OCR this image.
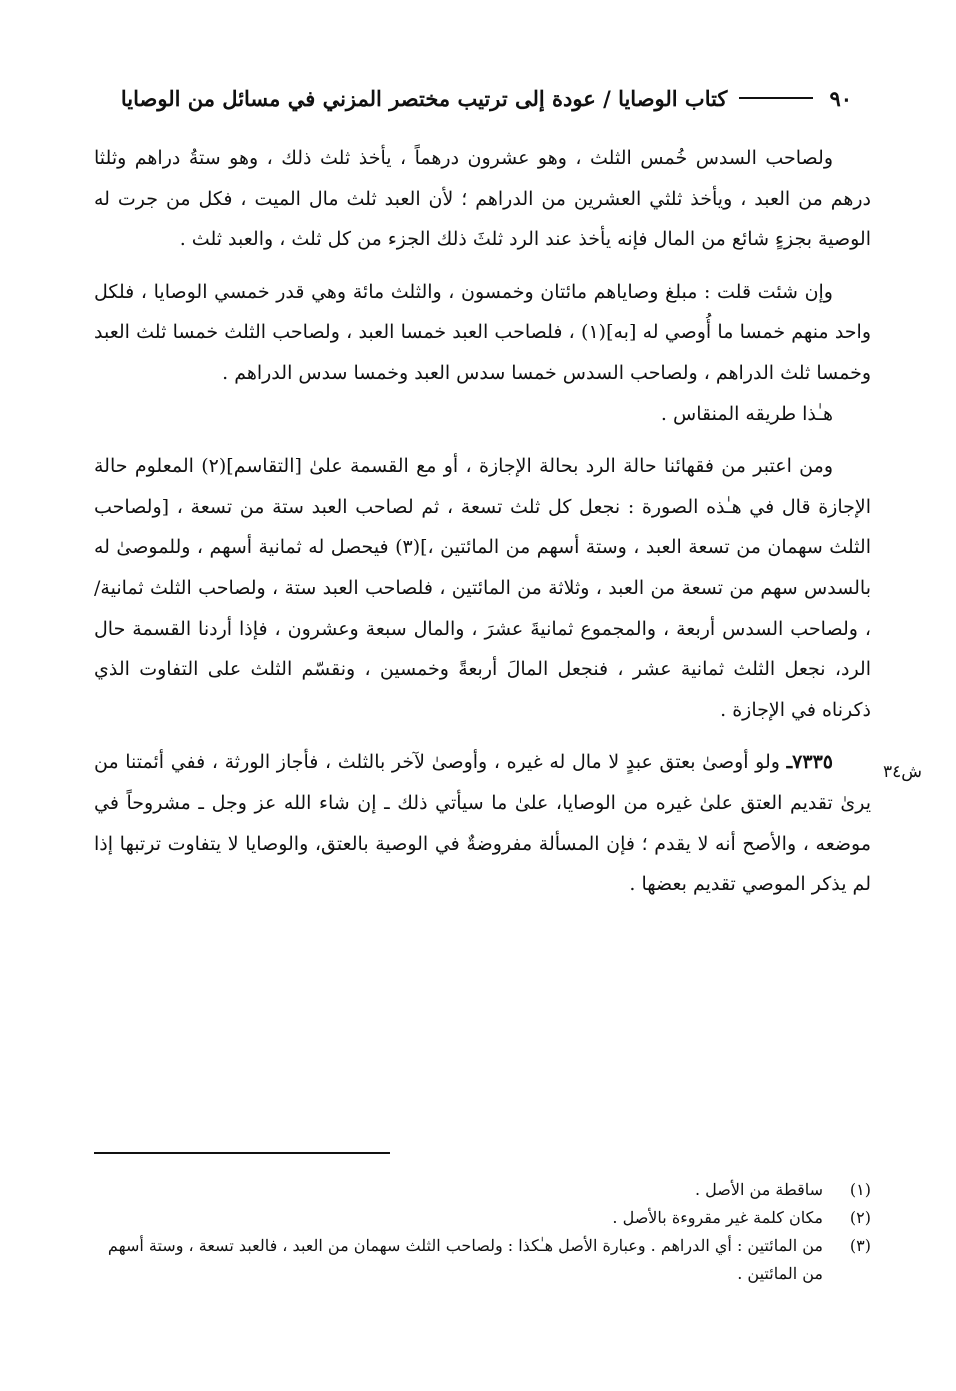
٩٠
كتاب الوصايا / عودة إلى ترتيب مختصر المزني في مسائل من الوصايا

ولصاحب السدس خُمس الثلث ، وهو عشرون درهماً ، يأخذ ثلث ذلك ، وهو ستةُ دراهم وثلثا درهم من العبد ، ويأخذ ثلثي العشرين من الدراهم ؛ لأن العبد ثلث مال الميت ، فكل من جرت له الوصية بجزءٍ شائع من المال فإنه يأخذ عند الرد ثلثَ ذلك الجزء من كل ثلث ، والعبد ثلث .

وإن شئت قلت : مبلغ وصاياهم مائتان وخمسون ، والثلث مائة وهي قدر خمسي الوصايا ، فلكل واحد منهم خمسا ما أُوصي له [به](١) ، فلصاحب العبد خمسا العبد ، ولصاحب الثلث خمسا ثلث العبد وخمسا ثلث الدراهم ، ولصاحب السدس خمسا سدس العبد وخمسا سدس الدراهم .

هـٰذا طريقه المنقاس .

ومن اعتبر من فقهائنا حالة الرد بحالة الإجازة ، أو مع القسمة علىٰ [التقاسم](٢) المعلوم حالة الإجازة قال في هـٰذه الصورة : نجعل كل ثلث تسعة ، ثم لصاحب العبد ستة من تسعة ، [ولصاحب الثلث سهمان من تسعة العبد ، وستة أسهم من المائتين ،](٣) فيحصل له ثمانية أسهم ، وللموصىٰ له بالسدس سهم من تسعة من العبد ، وثلاثة من المائتين ، فلصاحب العبد ستة ، ولصاحب الثلث ثمانية/ ، ولصاحب السدس أربعة ، والمجموع ثمانيةَ عشرَ ، والمال سبعة وعشرون ، فإذا أردنا القسمة حال الرد، نجعل الثلث ثمانية عشر ، فنجعل المالَ أربعةً وخمسين ، ونقسّم الثلث على التفاوت الذي ذكرناه في الإجازة .

٧٣٣٥ـ ولو أوصىٰ بعتق عبدٍ لا مال له غيره ، وأوصىٰ لآخر بالثلث ، فأجاز الورثة ، ففي أئمتنا من يرىٰ تقديم العتق علىٰ غيره من الوصايا، علىٰ ما سيأتي ذلك ـ إن شاء الله عز وجل ـ مشروحاً في موضعه ، والأصح أنه لا يقدم ؛ فإن المسألة مفروضةٌ في الوصية بالعتق، والوصايا لا يتفاوت ترتبها إذا لم يذكر الموصي تقديم بعضها .

ش٣٤
(١)
ساقطة من الأصل .
(٢)
مكان كلمة غير مقروءة بالأصل .
(٣)
من المائتين : أي الدراهم . وعبارة الأصل هـٰكذا : ولصاحب الثلث سهمان من العبد ، فالعبد تسعة ، وستة أسهم من المائتين .
